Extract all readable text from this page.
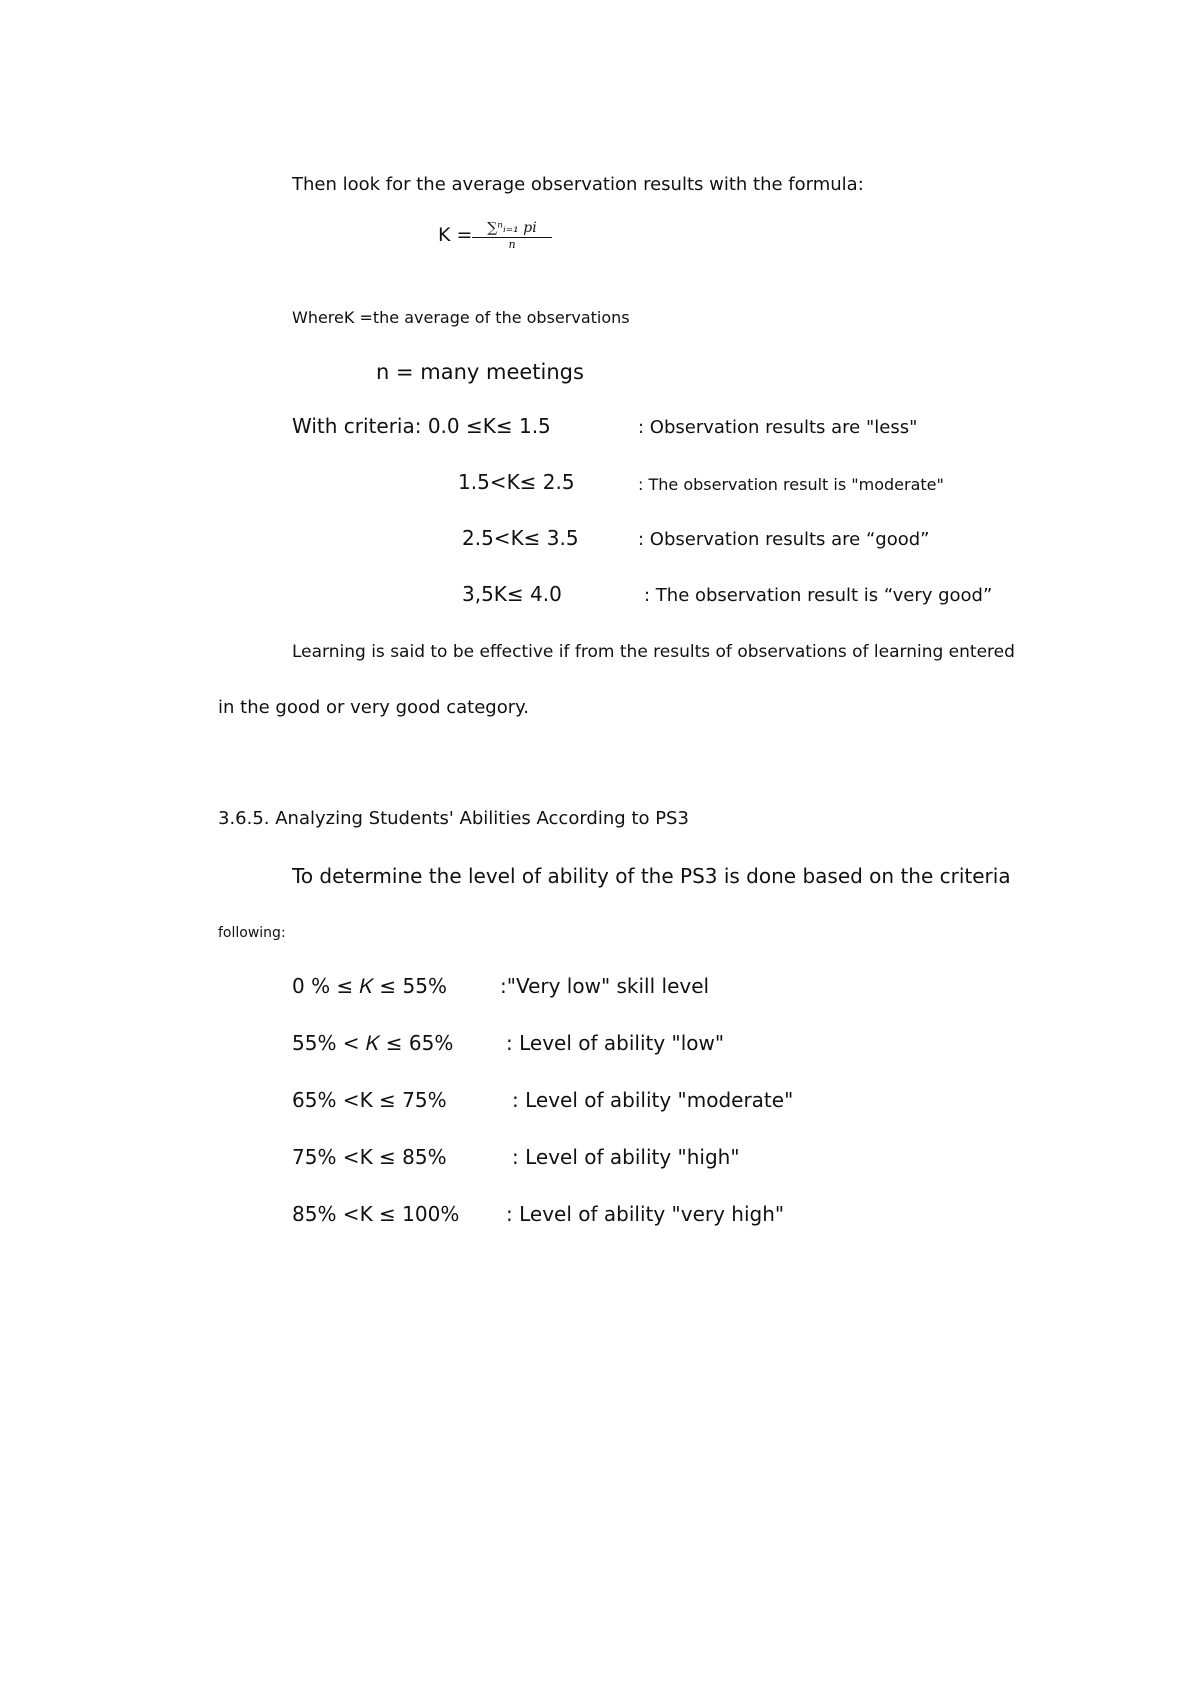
Then look for the average observation results with the formula:
K =	∑ⁿᵢ₌₁ pi
n
WhereK =the average of the observations
n = many meetings
With criteria: 0.0 ≤K≤ 1.5	: Observation results are "less"
1.5<K≤ 2.5	: The observation result is "moderate"
2.5<K≤ 3.5	: Observation results are “good”
3,5K≤ 4.0	: The observation result is “very good”
Learning is said to be effective if from the results of observations of learning entered
in the good or very good category.
3.6.5. Analyzing Students' Abilities According to PS3
To determine the level of ability of the PS3 is done based on the criteria
following:
0 % ≤ 𝐾 ≤ 55%	:"Very low" skill level
55% < 𝐾 ≤ 65%	: Level of ability "low"
65% <K ≤ 75%	: Level of ability "moderate"
75% <K ≤ 85%	: Level of ability "high"
85% <K ≤ 100% : Level of ability "very high"
